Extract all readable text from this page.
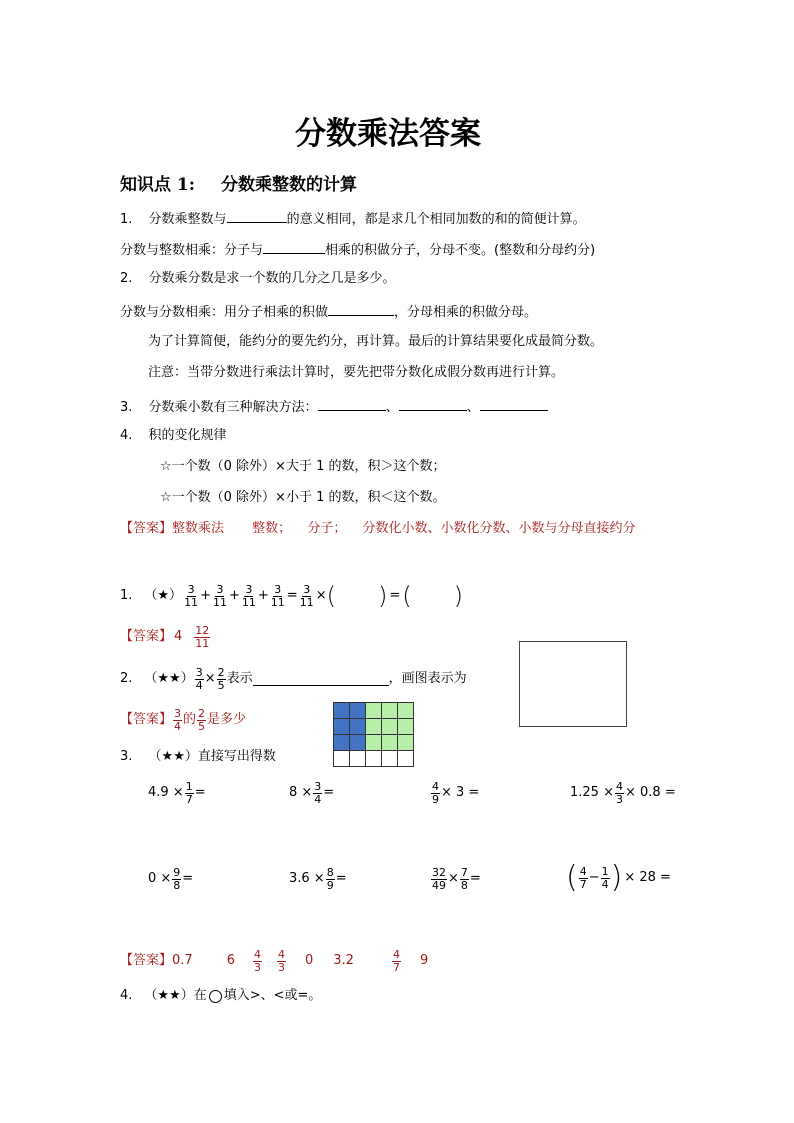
分数乘法答案
知识点 1: 分数乘整数的计算
1. 分数乘整数与	的意义相同，都是求几个相同加数的和的简便计算。
分数与整数相乘：分子与	相乘的积做分子，分母不变。(整数和分母约分)
2. 分数乘分数是求一个数的几分之几是多少。
分数与分数相乘：用分子相乘的积做	，分母相乘的积做分母。
为了计算简便，能约分的要先约分，再计算。最后的计算结果要化成最简分数。
注意：当带分数进行乘法计算时，要先把带分数化成假分数再进行计算。
3. 分数乘小数有三种解决方法：	、	、
4. 积的变化规律
☆一个数（0 除外）×大于 1 的数，积＞这个数；
☆一个数（0 除外）×小于 1 的数，积＜这个数。
【答案】整数乘法 整数； 分子； 分数化小数、小数化分数、小数与分母直接约分
1. （★） $\frac{3}{11} + \frac{3}{11} + \frac{3}{11} + \frac{3}{11} = \frac{3}{11}$ × ( ) = ( )
【答案】 $4 \frac{12}{11}$
2. （★★） $\frac{3}{4} \times \frac{2}{5}$ 表示	，画图表示为
【答案】 $\frac{3}{4}$ 的 $\frac{2}{5}$ 是多少

3. （★★）直接写出得数
$4.9 \times \frac{1}{7}$ =	$8 \times \frac{3}{4}$ =	$\frac{4}{9} \times 3$ =	$1.25 \times \frac{4}{3} \times 0.8$ =
$0 \times \frac{9}{8}$ =	$3.6 \times \frac{8}{9}$ =	$\frac{32}{49} \times \frac{7}{8}$ =	( $\frac{4}{7} - \frac{1}{4}$ ) × 28 =
【答案】 0.7	$6 \frac{4}{3} \frac{4}{3} 0$ 3.2	$\frac{4}{7} 9$
4. （★★） 在 填入>、<或=。
